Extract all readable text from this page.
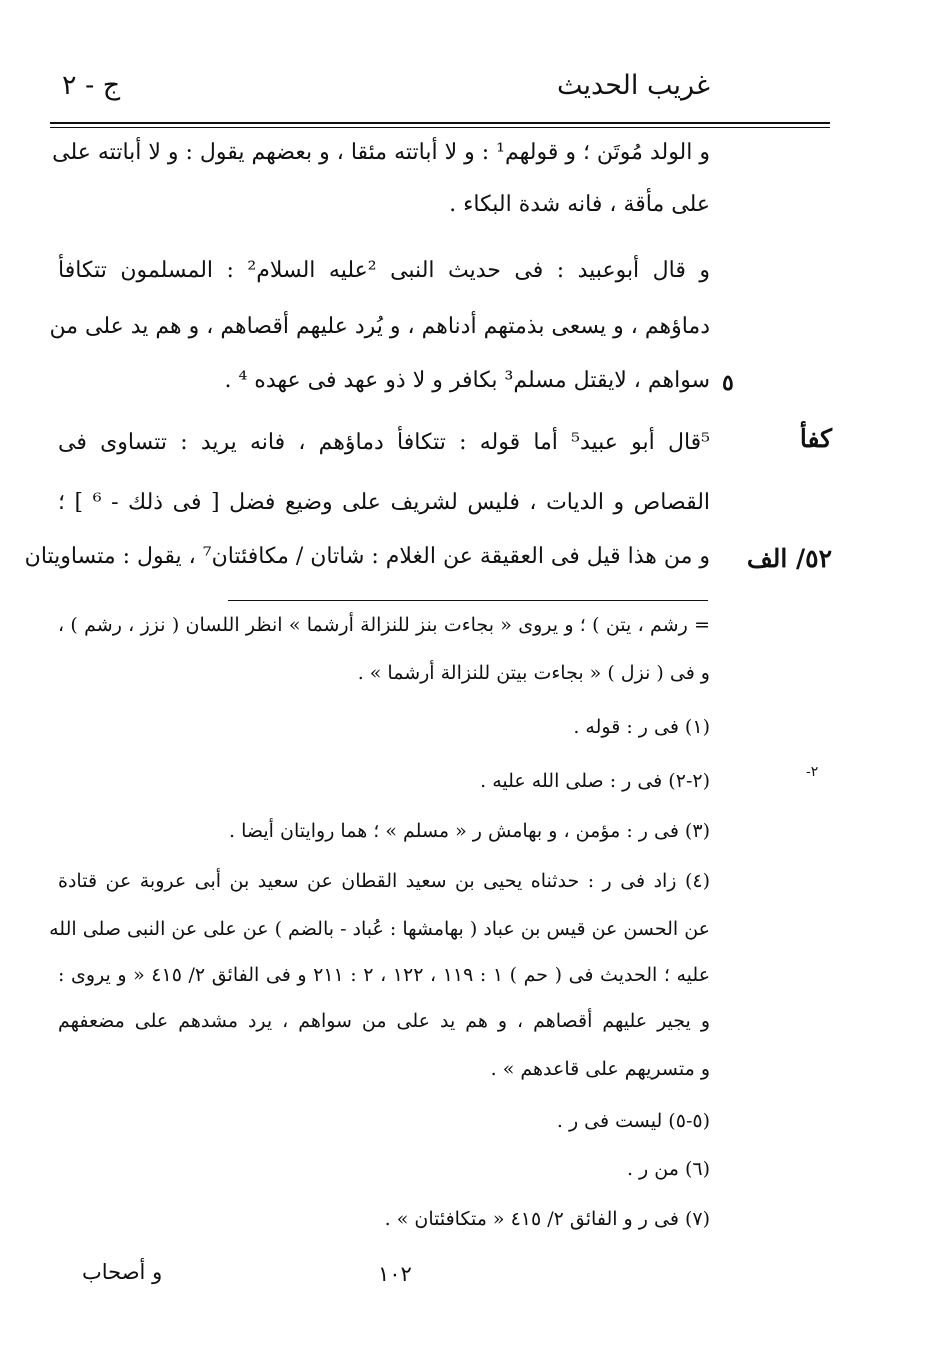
غريب الحديث
ج - ٢
و الولد مُوتَن ؛ و قولهم¹ : و لا أباتته مئقا ، و بعضهم يقول : و لا أباتته على
على مأقة ، فانه شدة البكاء .
و قال أبوعبيد : فى حديث النبى ²عليه السلام² : المسلمون تتكافأ
دماؤهم ، و يسعى بذمتهم أدناهم ، و يُرد عليهم أقصاهم ، و هم يد على من
سواهم ، لايقتل مسلم³ بكافر و لا ذو عهد فى عهده ⁴ .
⁵قال أبو عبيد⁵ أما قوله : تتكافأ دماؤهم ، فانه يريد : تتساوى فى
القصاص و الديات ، فليس لشريف على وضيع فضل [ فى ذلك - ⁶ ] ؛
و من هذا قيل فى العقيقة عن الغلام : شاتان / مكافئتان⁷ ، يقول : متساويتان
٥
كفأ
٥٢/ الف
-٢
= رشم ، يتن ) ؛ و يروى « بجاءت بنز للنزالة أرشما » انظر اللسان ( نزز ، رشم ) ،
و فى ( نزل ) « بجاءت بيتن للنزالة أرشما » .
(١) فى ر : قوله .
(٢-٢) فى ر : صلى الله عليه .
(٣) فى ر : مؤمن ، و بهامش ر « مسلم » ؛ هما روايتان أيضا .
(٤) زاد فى ر : حدثناه يحيى بن سعيد القطان عن سعيد بن أبى عروبة عن قتادة
عن الحسن عن قيس بن عباد ( بهامشها : عُباد - بالضم ) عن على عن النبى صلى الله
عليه ؛ الحديث فى ( حم ) ١ : ١١٩ ، ١٢٢ ، ٢ : ٢١١ و فى الفائق ٢/ ٤١٥ « و يروى :
و يجير عليهم أقصاهم ، و هم يد على من سواهم ، يرد مشدهم على مضعفهم
و متسريهم على قاعدهم » .
(٥-٥) ليست فى ر .
(٦) من ر .
(٧) فى ر و الفائق ٢/ ٤١٥ « متكافئتان » .
١٠٢
و أصحاب
